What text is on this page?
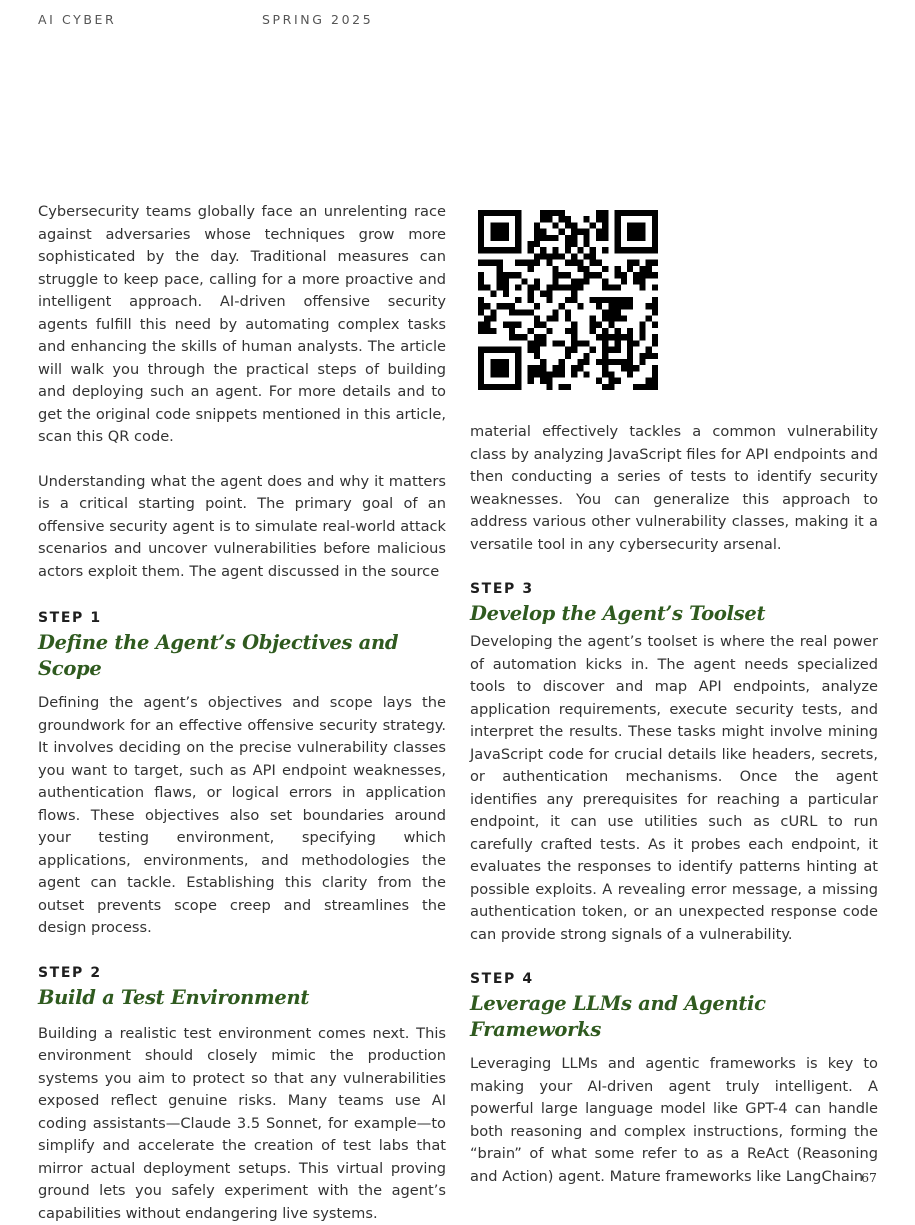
AI CYBER	SPRING 2025

Cybersecurity teams globally face an unrelenting race against adversaries whose techniques grow more sophisticated by the day. Traditional measures can struggle to keep pace, calling for a more proactive and intelligent approach. AI-driven offensive security agents fulfill this need by automating complex tasks and enhancing the skills of human analysts. The article will walk you through the practical steps of building and deploying such an agent. For more details and to get the original code snippets mentioned in this article, scan this QR code.

Understanding what the agent does and why it matters is a critical starting point. The primary goal of an offensive security agent is to simulate real-world attack scenarios and uncover vulnerabilities before malicious actors exploit them. The agent discussed in the source

STEP 1
Define the Agent’s Objectives and Scope

Defining the agent’s objectives and scope lays the groundwork for an effective offensive security strategy. It involves deciding on the precise vulnerability classes you want to target, such as API endpoint weaknesses, authentication flaws, or logical errors in application flows. These objectives also set boundaries around your testing environment, specifying which applications, environments, and methodologies the agent can tackle. Establishing this clarity from the outset prevents scope creep and streamlines the design process.

STEP 2
Build a Test Environment

Building a realistic test environment comes next. This environment should closely mimic the production systems you aim to protect so that any vulnerabilities exposed reflect genuine risks. Many teams use AI coding assistants—Claude 3.5 Sonnet, for example—to simplify and accelerate the creation of test labs that mirror actual deployment setups. This virtual proving ground lets you safely experiment with the agent’s capabilities without endangering live systems.

material effectively tackles a common vulnerability class by analyzing JavaScript files for API endpoints and then conducting a series of tests to identify security weaknesses. You can generalize this approach to address various other vulnerability classes, making it a versatile tool in any cybersecurity arsenal.

STEP 3
Develop the Agent’s Toolset

Developing the agent’s toolset is where the real power of automation kicks in. The agent needs specialized tools to discover and map API endpoints, analyze application requirements, execute security tests, and interpret the results. These tasks might involve mining JavaScript code for crucial details like headers, secrets, or authentication mechanisms. Once the agent identifies any prerequisites for reaching a particular endpoint, it can use utilities such as cURL to run carefully crafted tests. As it probes each endpoint, it evaluates the responses to identify patterns hinting at possible exploits. A revealing error message, a missing authentication token, or an unexpected response code can provide strong signals of a vulnerability.

STEP 4
Leverage LLMs and Agentic Frameworks

Leveraging LLMs and agentic frameworks is key to making your AI-driven agent truly intelligent. A powerful large language model like GPT-4 can handle both reasoning and complex instructions, forming the “brain” of what some refer to as a ReAct (Reasoning and Action) agent. Mature frameworks like LangChain

67
